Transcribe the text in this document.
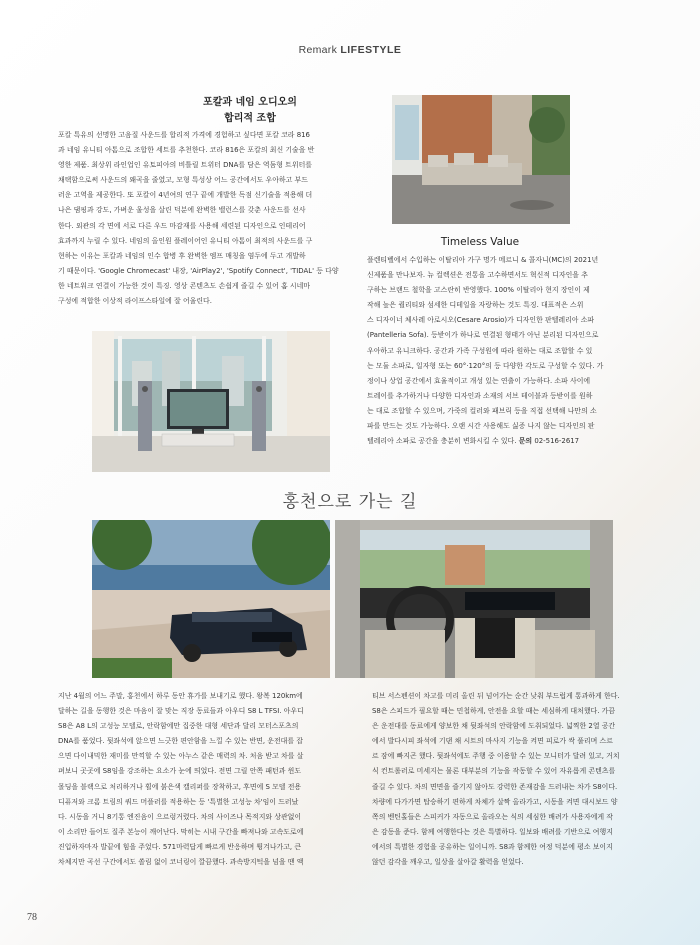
Remark LIFESTYLE
포칼과 네임 오디오의
합리적 조합
포칼 특유의 선명한 고음질 사운드를 합리적 가격에 경험하고 싶다면 포칼 코라 816
과 네임 유니티 아톰으로 조합한 세트를 추천한다. 코라 816은 포칼의 최신 기술을 반
영한 제품. 최상위 라인업인 유토피아의 비틀릴 트위터 DNA를 담은 역돔형 트위터를
채택함으로써 사운드의 왜곡을 줄였고, 모형 특성상 어느 공간에서도 우아하고 부드
러운 고역을 제공한다. 또 포칼이 4년여의 연구 끝에 개발한 독점 신기술을 적용해 더
나은 댐핑과 강도, 가벼운 울성을 살린 덕분에 완벽한 밸런스를 갖춘 사운드를 선사
한다. 외관의 각 면에 서로 다른 우드 마감재를 사용해 세련된 디자인으로 인테리어
효과까지 누릴 수 있다. 네임의 올인원 플레이어인 유니티 아톰이 최적의 사운드를 구
현하는 이유는 포칼과 네임의 인수 합병 후 완벽한 엠프 매칭을 염두에 두고 개발하
기 때문이다. 'Google Chromecast' 내장, 'AirPlay2', 'Spotify Connect', 'TIDAL' 등 다양
한 네트워크 연결이 가능한 것이 특징. 영상 콘텐츠도 손쉽게 즐길 수 있어 홈 시네마
구성에 적합한 이상적 라이프스타일에 잘 어울린다.
Timeless Value
플렌티벨에서 수입하는 이탈리아 가구 명가 메르니 & 콜자니(MC)의 2021년
신제품을 만나보자. 뉴 컬렉션은 전통을 고수하면서도 혁신적 디자인을 추
구하는 브랜드 철학을 고스란히 반영했다. 100% 이탈리아 현지 장인이 제
작해 높은 퀄리티와 섬세한 디테일을 자랑하는 것도 특징. 대표적은 스위
스 디자이너 체사레 아로시오(Cesare Arosio)가 디자인한 판텔레리아 소파
(Pantelleria Sofa). 등받이가 하나로 연결된 형태가 아닌 분리된 디자인으로
우아하고 유니크하다. 공간과 가족 구성원에 따라 원하는 대로 조합할 수 있
는 모듈 소파로, 일자형 또는 60°·120°의 등 다양한 각도로 구성할 수 있다. 가
정이나 상업 공간에서 효율적이고 개성 있는 연출이 가능하다. 소파 사이에
트레이를 추가하거나 다양한 디자인과 소재의 서브 테이블과 등받이를 원하
는 대로 조합할 수 있으며, 가죽의 컬러와 패브릭 등을 직접 선택해 나만의 소
파를 만드는 것도 가능하다. 오랜 시간 사용해도 싫증 나지 않는 디자인의 판
텔레리아 소파로 공간을 충분히 변화시킬 수 있다. 문의 02-516-2617
홍천으로 가는 길
지난 4월의 어느 주말, 홍천에서 하루 동안 휴가를 보내기로 했다. 왕복 120km에
달하는 길을 동행한 것은 마음이 잘 맞는 직장 동료들과 아우디 S8 L TFSI. 아우디
S8은 A8 L의 고성능 모델로, 안락함에만 집중한 대형 세단과 달리 모터스포츠의
DNA를 품었다. 뒷좌석에 앉으면 느긋한 편안함을 느낄 수 있는 반면, 운전대를 잡
으면 다이내믹한 재미를 만끽할 수 있는 아누스 같은 매력의 차. 처음 받고 차를 살
펴보니 곳곳에 S8임을 강조하는 요소가 눈에 띄었다. 전면 그릴 안쪽 패턴과 윈도
몰딩을 블랙으로 처리하거나 휠에 붉은색 캘리퍼를 장착하고, 후면에 S 모델 전용
디퓨저와 크롬 트림의 쿼드 머플러를 적용하는 등 '특별한 고성능 차'임이 드러났
다. 시동을 거니 8기통 엔진음이 으르렁거렸다. 차의 사이즈나 목적지와 상관없이
이 소리만 들어도 질주 본능이 깨어난다. 막히는 시내 구간을 빠져나와 고속도로에
진입하자마자 발끝에 힘을 주었다. 571마력답게 빠르게 반응하며 튕겨나가고, 큰
차체지만 곡선 구간에서도 쏠림 없이 코너링이 깔끔했다. 과속방지턱을 넘을 땐 액
티브 서스펜션이 차고를 미리 올린 뒤 넘어가는 순간 낮춰 부드럽게 통과하게 한다.
S8은 스피드가 필요할 때는 민첩하게, 안전을 요할 때는 세심하게 대처했다. 가끔
은 운전대를 동료에게 양보한 채 뒷좌석의 안락함에 도취되었다. 넓찍한 2열 공간
에서 발다시피 좌석에 기댄 채 시트의 마사지 기능을 켜면 피로가 싹 풀리며 스르
르 잠에 빠지곤 했다. 뒷좌석에도 주행 중 이용할 수 있는 모니터가 달려 있고, 거치
식 컨트롤러로 미세지는 물론 대부분의 기능을 작동할 수 있어 자유롭게 콘텐츠를
즐길 수 있다. 차의 면면을 즐기지 않아도 강력한 존재감을 드러내는 차가 S8이다.
차량에 다가가면 탑승하기 편하게 차체가 살짝 올라가고, 시동을 켜면 대시보드 양
쪽의 벤틴홀들은 스피커가 자동으로 올라오는 식의 세심한 배려가 사용자에게 작
은 감동을 준다. 함께 여행한다는 것은 특별하다. 일보와 배려를 기반으로 여행지
에서의 특별한 경험을 공유하는 일이니까. S8과 함께한 여정 덕분에 평소 보이지
않던 감각을 깨우고, 일상을 살아갈 활력을 얻었다.
78
